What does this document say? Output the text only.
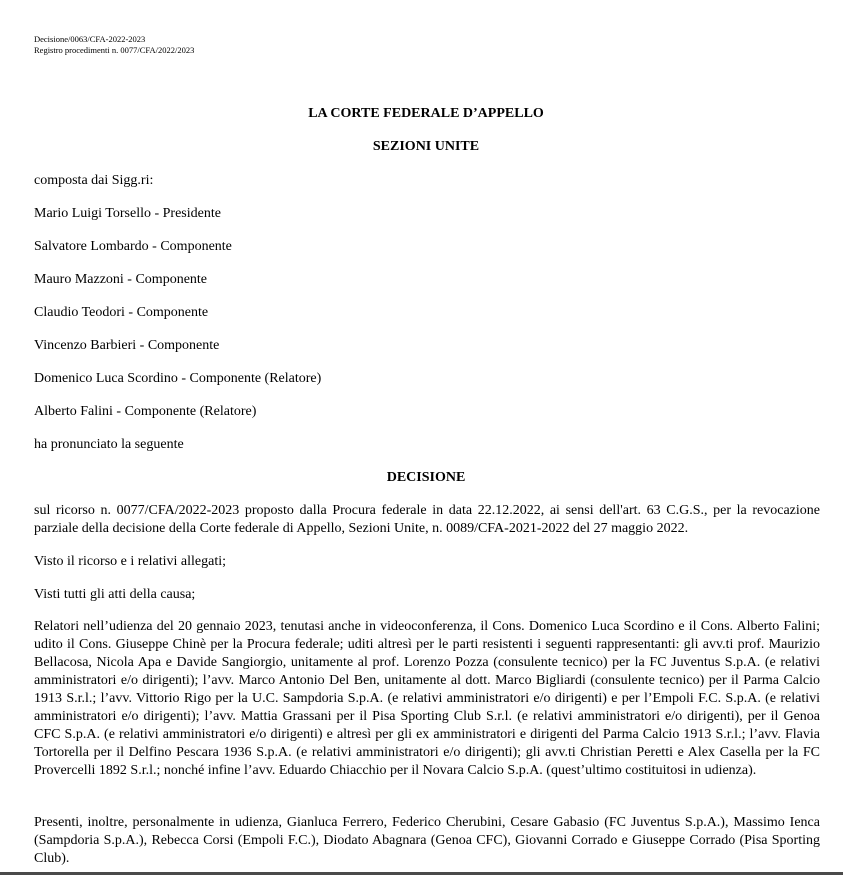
Decisione/0063/CFA-2022-2023
Registro procedimenti n. 0077/CFA/2022/2023
LA CORTE FEDERALE D’APPELLO
SEZIONI UNITE
composta dai Sigg.ri:
Mario Luigi Torsello - Presidente
Salvatore Lombardo - Componente
Mauro Mazzoni - Componente
Claudio Teodori - Componente
Vincenzo Barbieri - Componente
Domenico Luca Scordino - Componente (Relatore)
Alberto Falini - Componente (Relatore)
ha pronunciato la seguente
DECISIONE
sul ricorso n. 0077/CFA/2022-2023 proposto dalla Procura federale in data 22.12.2022, ai sensi dell'art. 63 C.G.S., per la revocazione parziale della decisione della Corte federale di Appello, Sezioni Unite, n. 0089/CFA-2021-2022 del 27 maggio 2022.
Visto il ricorso e i relativi allegati;
Visti tutti gli atti della causa;
Relatori nell’udienza del 20 gennaio 2023, tenutasi anche in videoconferenza, il Cons. Domenico Luca Scordino e il Cons. Alberto Falini; udito il Cons. Giuseppe Chinè per la Procura federale; uditi altresì per le parti resistenti i seguenti rappresentanti: gli avv.ti prof. Maurizio Bellacosa, Nicola Apa e Davide Sangiorgio, unitamente al prof. Lorenzo Pozza (consulente tecnico) per la FC Juventus S.p.A. (e relativi amministratori e/o dirigenti); l’avv. Marco Antonio Del Ben, unitamente al dott. Marco Bigliardi (consulente tecnico) per il Parma Calcio 1913 S.r.l.; l’avv. Vittorio Rigo per la U.C. Sampdoria S.p.A. (e relativi amministratori e/o dirigenti) e per l’Empoli F.C. S.p.A. (e relativi amministratori e/o dirigenti); l’avv. Mattia Grassani per il Pisa Sporting Club S.r.l. (e relativi amministratori e/o dirigenti), per il Genoa CFC S.p.A. (e relativi amministratori e/o dirigenti) e altresì per gli ex amministratori e dirigenti del Parma Calcio 1913 S.r.l.; l’avv. Flavia Tortorella per il Delfino Pescara 1936 S.p.A. (e relativi amministratori e/o dirigenti); gli avv.ti Christian Peretti e Alex Casella per la FC Provercelli 1892 S.r.l.; nonché infine l’avv. Eduardo Chiacchio per il Novara Calcio S.p.A. (quest’ultimo costituitosi in udienza).
Presenti, inoltre, personalmente in udienza, Gianluca Ferrero, Federico Cherubini, Cesare Gabasio (FC Juventus S.p.A.), Massimo Ienca (Sampdoria S.p.A.), Rebecca Corsi (Empoli F.C.), Diodato Abagnara (Genoa CFC), Giovanni Corrado e Giuseppe Corrado (Pisa Sporting Club).
